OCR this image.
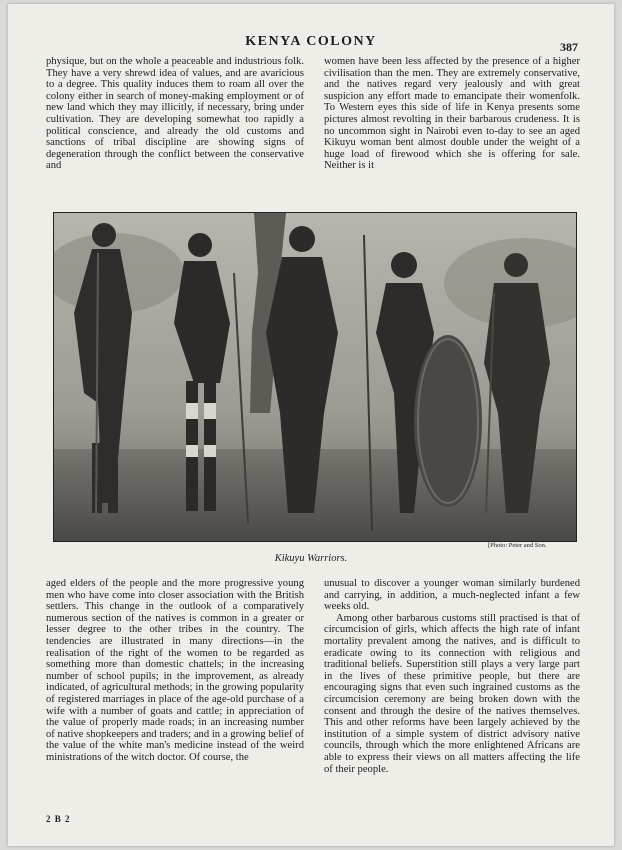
KENYA COLONY	387

physique, but on the whole a peaceable and industrious folk. They have a very shrewd idea of values, and are avaricious to a degree. This quality induces them to roam all over the colony either in search of money-making employment or of new land which they may illicitly, if necessary, bring under cultivation. They are developing somewhat too rapidly a political conscience, and already the old customs and sanctions of tribal discipline are showing signs of degeneration through the conflict between the conservative and

women have been less affected by the presence of a higher civilisation than the men. They are extremely conservative, and the natives regard very jealously and with great suspicion any effort made to emancipate their womenfolk. To Western eyes this side of life in Kenya presents some pictures almost revolting in their barbarous crudeness. It is no uncommon sight in Nairobi even to-day to see an aged Kikuyu woman bent almost double under the weight of a huge load of firewood which she is offering for sale. Neither is it

[Photo: Peter and Son.
Kikuyu Warriors.

aged elders of the people and the more progressive young men who have come into closer association with the British settlers. This change in the outlook of a comparatively numerous section of the natives is common in a greater or lesser degree to the other tribes in the country. The tendencies are illustrated in many directions—in the realisation of the right of the women to be regarded as something more than domestic chattels; in the increasing number of school pupils; in the improvement, as already indicated, of agricultural methods; in the growing popularity of registered marriages in place of the age-old purchase of a wife with a number of goats and cattle; in appreciation of the value of properly made roads; in an increasing number of native shopkeepers and traders; and in a growing belief of the value of the white man's medicine instead of the weird ministrations of the witch doctor. Of course, the

unusual to discover a younger woman similarly burdened and carrying, in addition, a much-neglected infant a few weeks old.

Among other barbarous customs still practised is that of circumcision of girls, which affects the high rate of infant mortality prevalent among the natives, and is difficult to eradicate owing to its connection with religious and traditional beliefs. Superstition still plays a very large part in the lives of these primitive people, but there are encouraging signs that even such ingrained customs as the circumcision ceremony are being broken down with the consent and through the desire of the natives themselves. This and other reforms have been largely achieved by the institution of a simple system of district advisory native councils, through which the more enlightened Africans are able to express their views on all matters affecting the life of their people.

2 B 2
